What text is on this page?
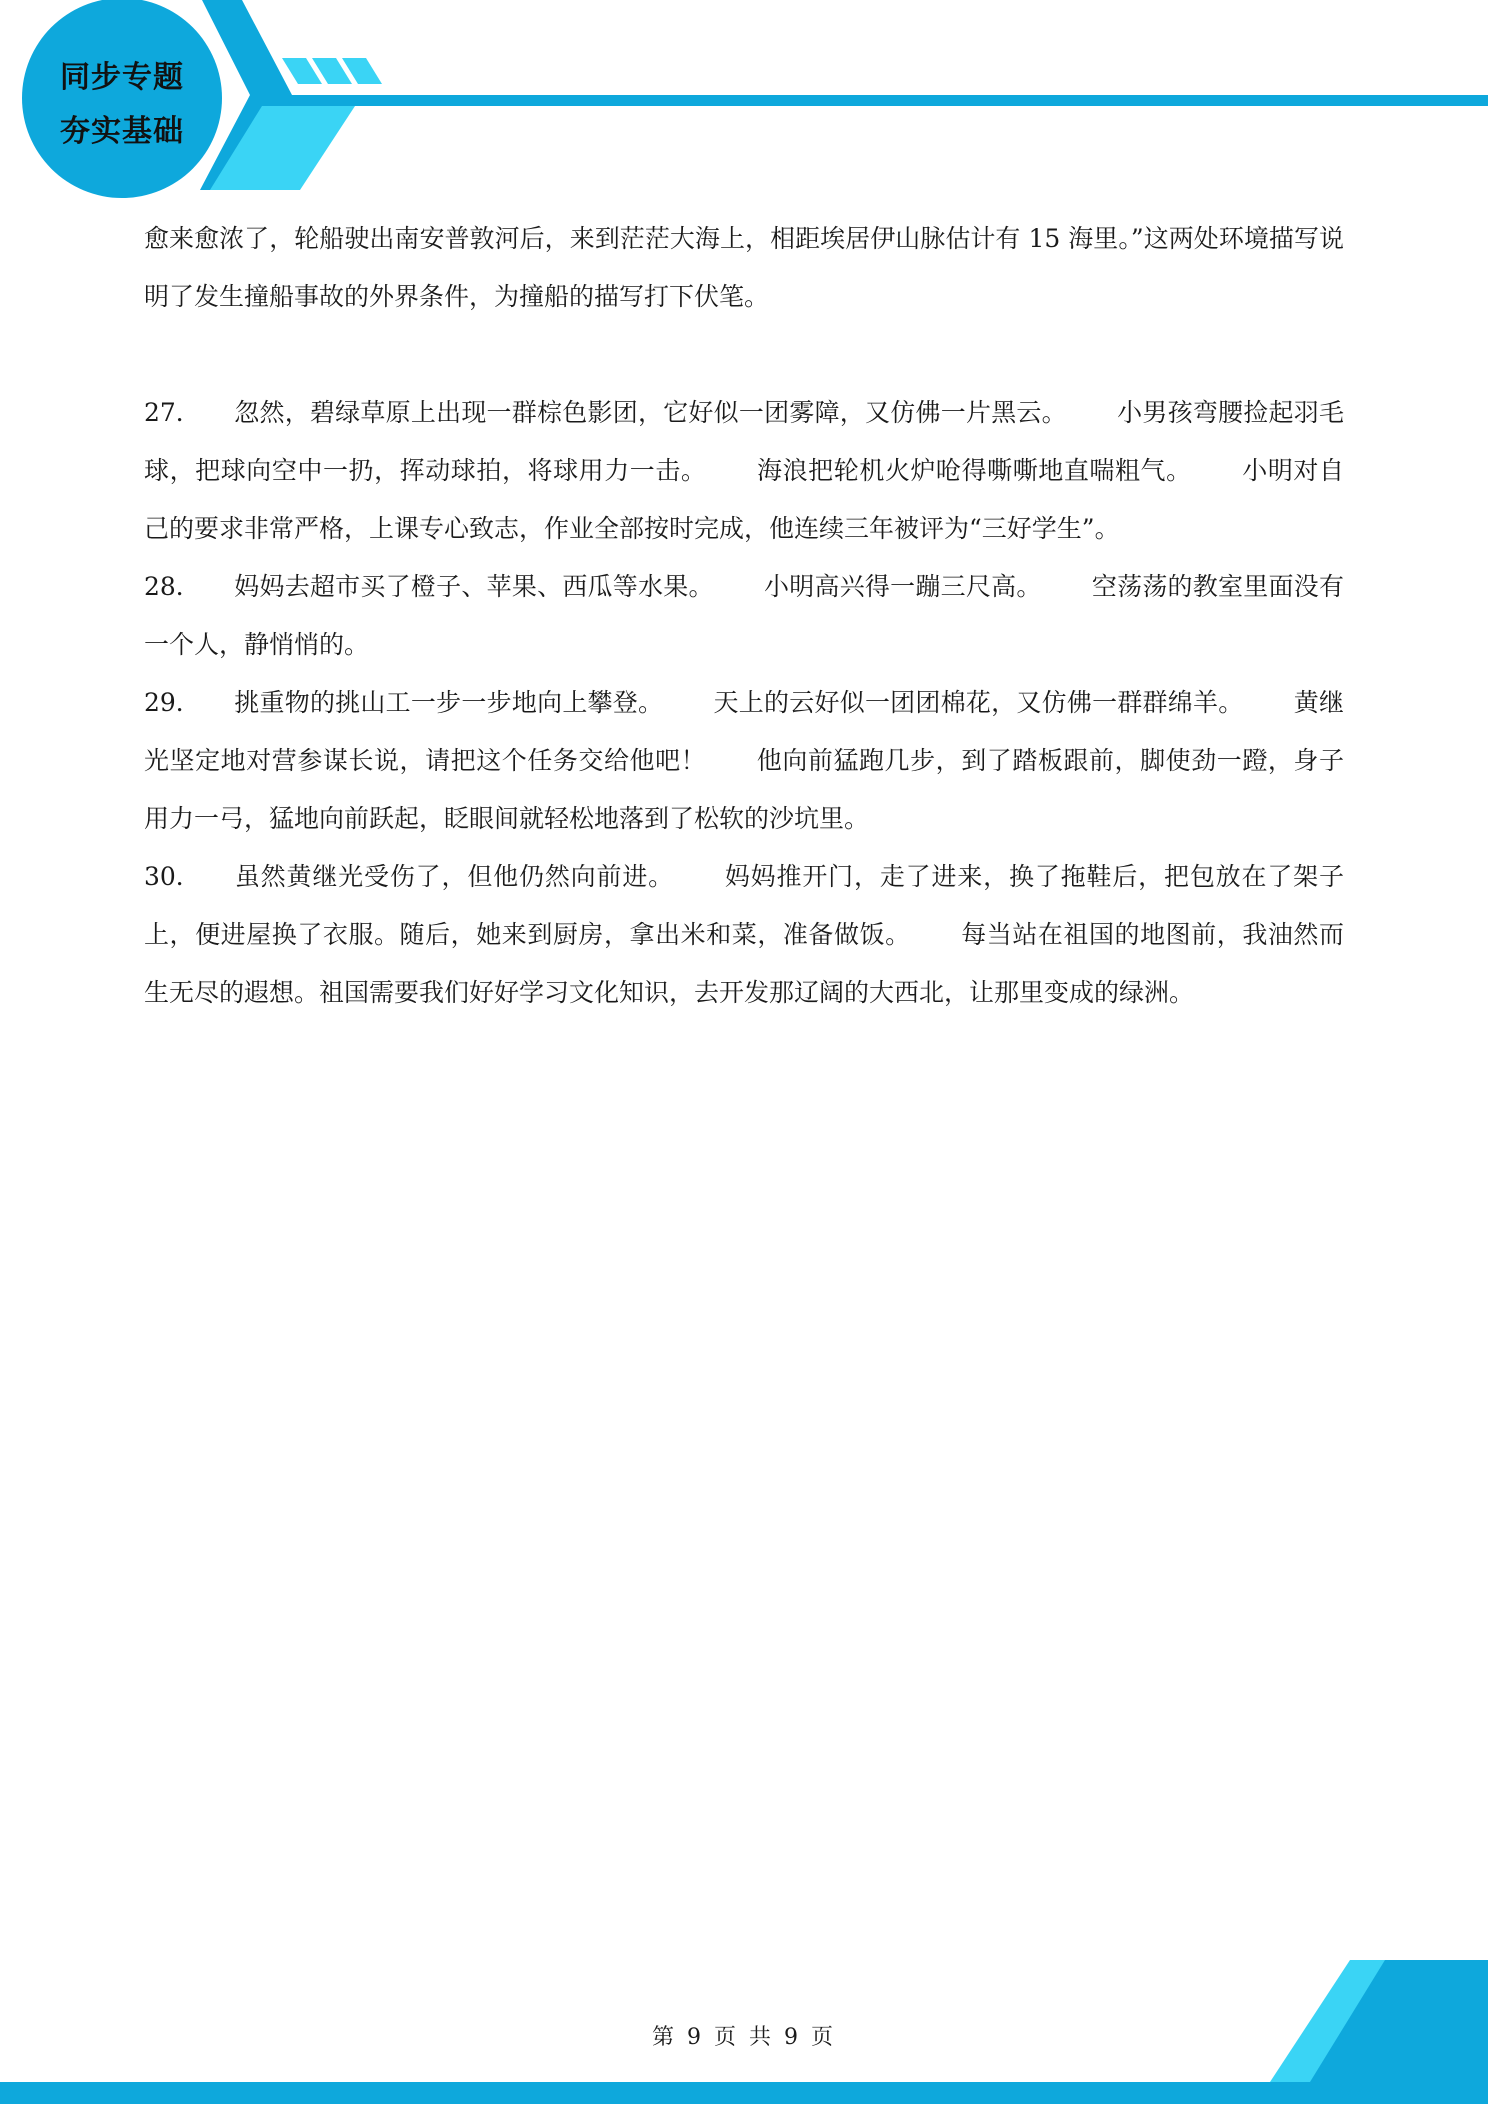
同步专题
夯实基础

愈来愈浓了，轮船驶出南安普敦河后，来到茫茫大海上，相距埃居伊山脉估计有 15 海里。”这两处环境描写说明了发生撞船事故的外界条件，为撞船的描写打下伏笔。

27． 忽然，碧绿草原上出现一群棕色影团，它好似一团雾障，又仿佛一片黑云。 小男孩弯腰捡起羽毛球，把球向空中一扔，挥动球拍，将球用力一击。 海浪把轮机火炉呛得嘶嘶地直喘粗气。 小明对自己的要求非常严格，上课专心致志，作业全部按时完成，他连续三年被评为“三好学生”。

28． 妈妈去超市买了橙子、苹果、西瓜等水果。 小明高兴得一蹦三尺高。 空荡荡的教室里面没有一个人，静悄悄的。

29． 挑重物的挑山工一步一步地向上攀登。 天上的云好似一团团棉花，又仿佛一群群绵羊。 黄继光坚定地对营参谋长说，请把这个任务交给他吧！ 他向前猛跑几步，到了踏板跟前，脚使劲一蹬，身子用力一弓，猛地向前跃起，眨眼间就轻松地落到了松软的沙坑里。

30． 虽然黄继光受伤了，但他仍然向前进。 妈妈推开门，走了进来，换了拖鞋后，把包放在了架子上，便进屋换了衣服。随后，她来到厨房，拿出米和菜，准备做饭。 每当站在祖国的地图前，我油然而生无尽的遐想。祖国需要我们好好学习文化知识，去开发那辽阔的大西北，让那里变成的绿洲。

第 9 页 共 9 页
